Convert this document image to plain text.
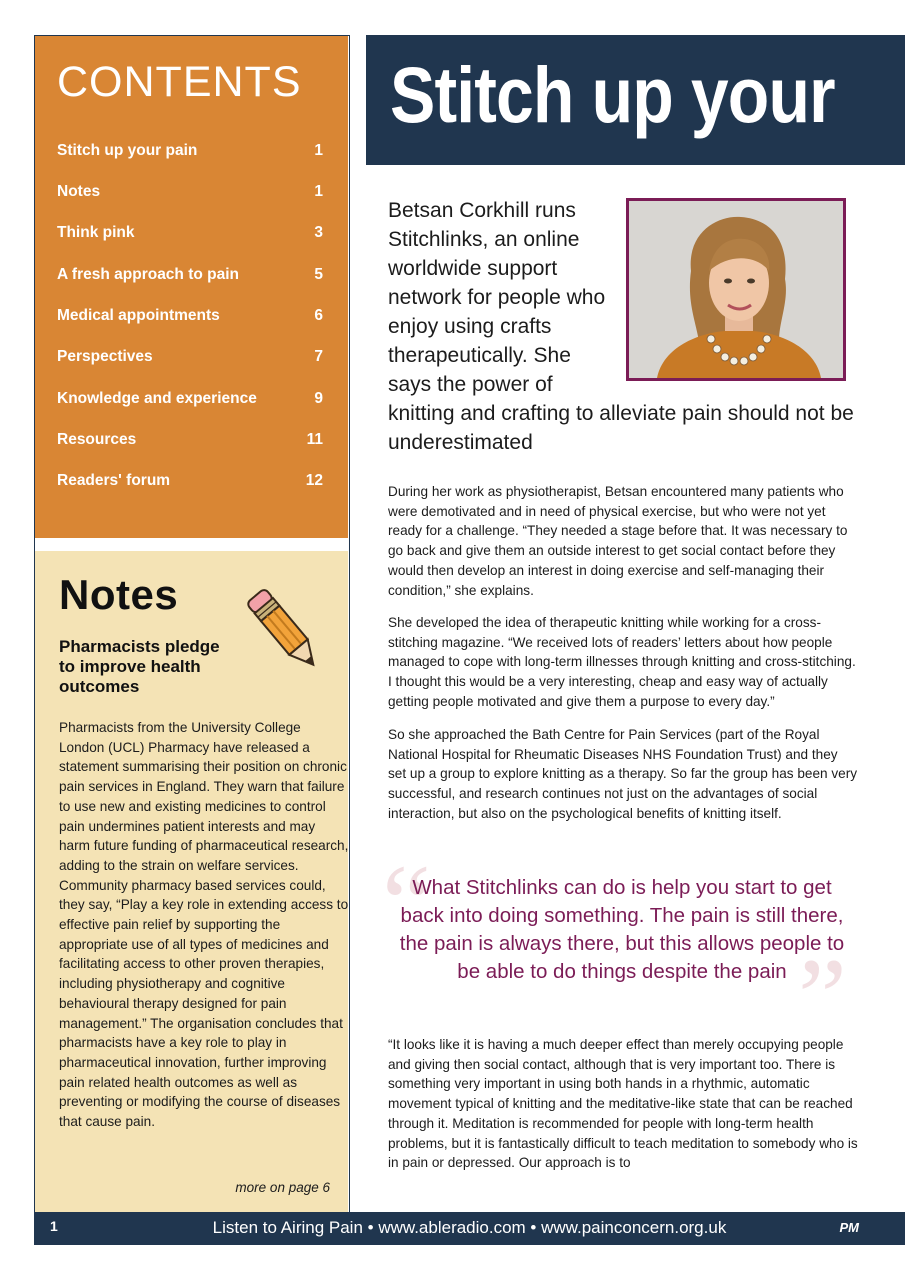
CONTENTS
Stitch up your pain	1
Notes	1
Think pink	3
A fresh approach to pain	5
Medical appointments	6
Perspectives	7
Knowledge and experience	9
Resources	11
Readers' forum	12
Notes
Pharmacists pledge to improve health outcomes
Pharmacists from the University College London (UCL) Pharmacy have released a statement summarising their position on chronic pain services in England. They warn that failure to use new and existing medicines to control pain undermines patient interests and may harm future funding of pharmaceutical research, adding to the strain on welfare services. Community pharmacy based services could, they say, “Play a key role in extending access to effective pain relief by supporting the appropriate use of all types of medicines and facilitating access to other proven therapies, including physiotherapy and cognitive behavioural therapy designed for pain management.” The organisation concludes that pharmacists have a key role to play in pharmaceutical innovation, further improving pain related health outcomes as well as preventing or modifying the course of diseases that cause pain.
more on page 6
Stitch up your
Betsan Corkhill runs Stitchlinks, an online worldwide support network for people who enjoy using crafts therapeutically. She says the power of knitting and crafting to alleviate pain should not be underestimated
During her work as physiotherapist, Betsan encountered many patients who were demotivated and in need of physical exercise, but who were not yet ready for a challenge. “They needed a stage before that. It was necessary to go back and give them an outside interest to get social contact before they would then develop an interest in doing exercise and self-managing their condition,” she explains.
She developed the idea of therapeutic knitting while working for a cross-stitching magazine. “We received lots of readers’ letters about how people managed to cope with long-term illnesses through knitting and cross-stitching. I thought this would be a very interesting, cheap and easy way of actually getting people motivated and give them a purpose to every day.”
So she approached the Bath Centre for Pain Services (part of the Royal National Hospital for Rheumatic Diseases NHS Foundation Trust) and they set up a group to explore knitting as a therapy. So far the group has been very successful, and research continues not just on the advantages of social interaction, but also on the psychological benefits of knitting itself.
“
”
What Stitchlinks can do is help you start to get back into doing something. The pain is still there, the pain is always there, but this allows people to be able to do things despite the pain
“It looks like it is having a much deeper effect than merely occupying people and giving then social contact, although that is very important too. There is something very important in using both hands in a rhythmic, automatic movement typical of knitting and the meditative-like state that can be reached through it. Meditation is recommended for people with long-term health problems, but it is fantastically difficult to teach meditation to somebody who is in pain or depressed. Our approach is to
1	Listen to Airing Pain • www.ableradio.com • www.painconcern.org.uk	PM
